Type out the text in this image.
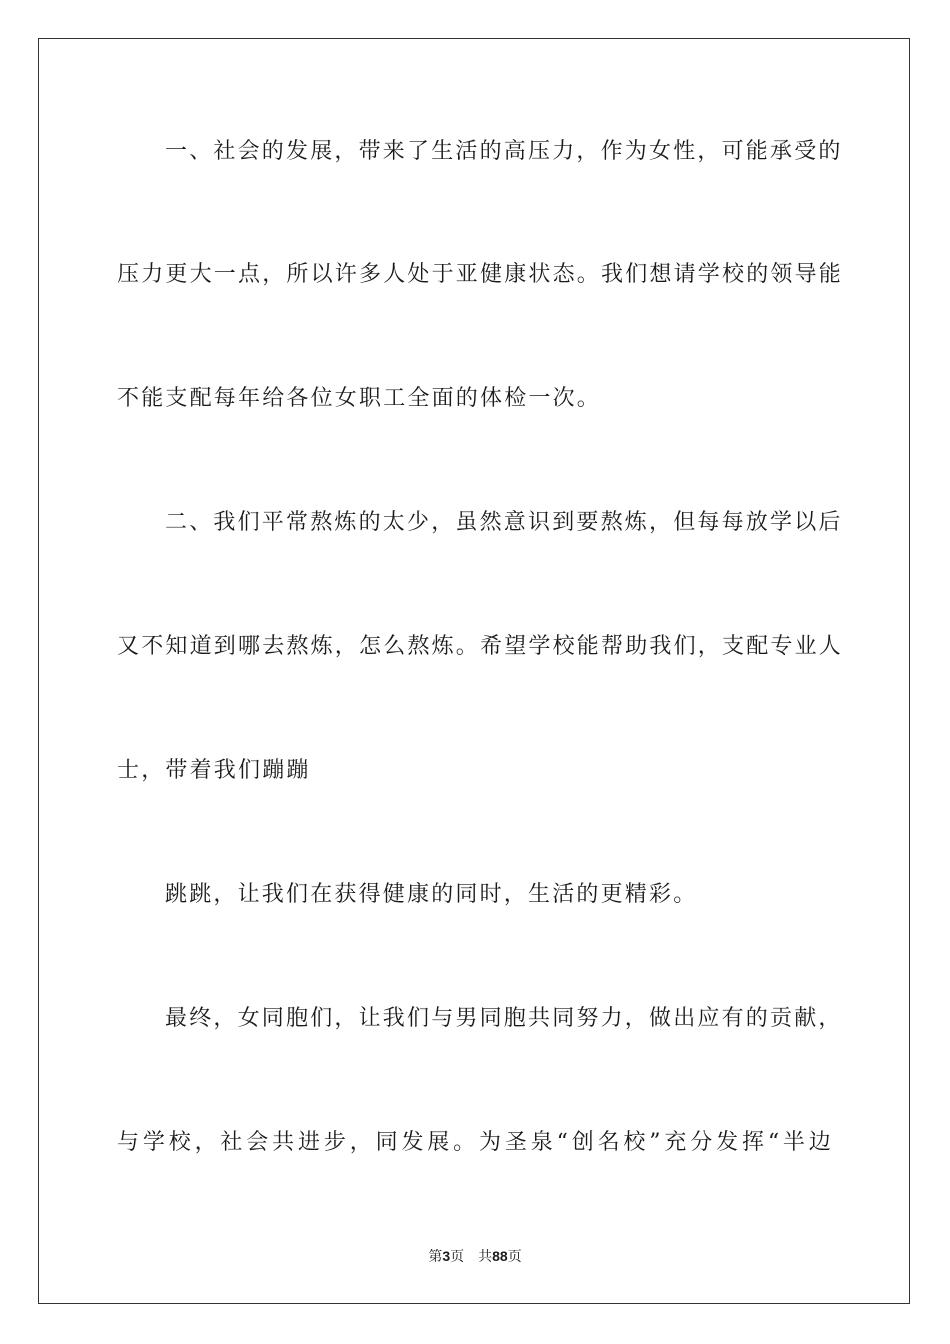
一、社会的发展，带来了生活的高压力，作为女性，可能承受的
压力更大一点，所以许多人处于亚健康状态。我们想请学校的领导能
不能支配每年给各位女职工全面的体检一次。
二、我们平常熬炼的太少，虽然意识到要熬炼，但每每放学以后
又不知道到哪去熬炼，怎么熬炼。希望学校能帮助我们，支配专业人
士，带着我们蹦蹦
跳跳，让我们在获得健康的同时，生活的更精彩。
最终，女同胞们，让我们与男同胞共同努力，做出应有的贡献，
与学校，社会共进步，同发展。为圣泉“创名校”充分发挥“半边
第3页 共88页
